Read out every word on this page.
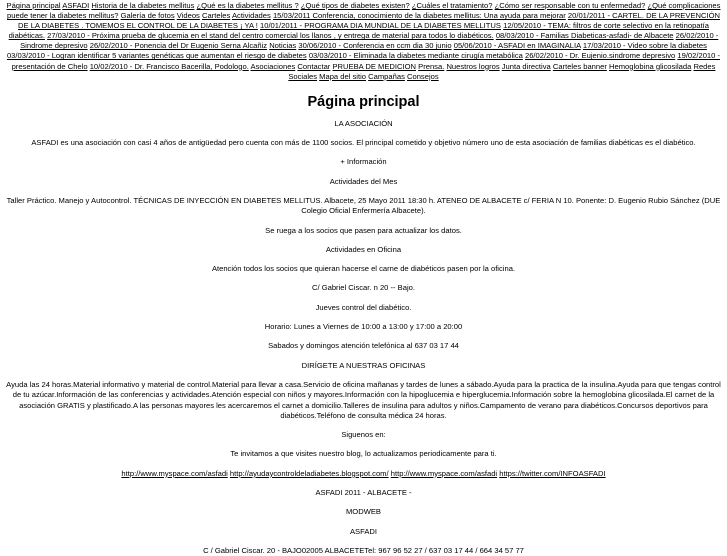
Página principal ASFADI Historia de la diabetes mellitus ¿Qué es la diabetes mellitus ? ¿Qué tipos de diabetes existen? ¿Cuáles el tratamiento? ¿Cómo ser responsable con tu enfermedad? ¿Qué complicaciones puede tener la diabetes mellitus? Galería de fotos Videos Carteles Actividades 15/03/2011 Conferencia, conocimiento de la diabetes mellitus: Una ayuda para mejorar 20/01/2011 - CARTEL. DE LA PREVENCIÓN DE LA DIABETES . TOMEMOS EL CONTROL DE LA DIABETES ¡ YA ! 10/01/2011 - PROGRAMA DIA MUNDIAL DE LA DIABETES MELLITUS 12/05/2010 - TEMA: filtros de corte selectivo en la retinopatía diabéticas. 27/03/2010 - Próxima prueba de glucemia en el stand del centro comercial los llanos , y entrega de material para todos lo diabéticos. 08/03/2010 - Familias Diabeticas-asfadi- de Albacete 26/02/2010 - Sindrome depresivo 26/02/2010 - Ponencia del Dr Eugenio Serna Alcañiz Noticias 30/06/2010 - Conferencia en ccm dia 30 junio 05/06/2010 - ASFADI en IMAGINALIA 17/03/2010 - Video sobre la diabetes 03/03/2010 - Logran identificar 5 variantes genéticas que aumentan el riesgo de diabetes 03/03/2010 - Eliminada la diabetes mediante cirugía metabólica 26/02/2010 - Dr. Eujenio.sindrome depresivo 19/02/2010 - presentación de Chelo 10/02/2010 - Dr. Francisco Bacerilla, Podologo. Asociaciones Contactar PRUEBA DE MEDICION Prensa. Nuestros logros Junta directiva Carteles banner Hemoglobina glicosilada Redes Sociales Mapa del sitio Campañas Consejos
Página principal

LA ASOCIACIÓN

ASFADI es una asociación con casi 4 años de antigüedad pero cuenta con más de 1100 socios. El principal cometido y objetivo número uno de esta asociación de familias diabéticas es el diabético.

+ Información

Actividades del Mes

Taller Práctico. Manejo y Autocontrol. TÉCNICAS DE INYECCIÓN EN DIABETES MELLITUS. Albacete, 25 Mayo 2011 18:30 h. ATENEO DE ALBACETE c/ FERIA N 10. Ponente: D. Eugenio Rubio Sánchez (DUE Colegio Oficial Enfermería Albacete).

Se ruega a los socios que pasen para actualizar los datos.

Actividades en Oficina

Atención todos los socios que quieran hacerse el carne de diabéticos pasen por la oficina.

C/ Gabriel Ciscar. n 20 -- Bajo.

Jueves control del diabético.

Horario: Lunes a Viernes de 10:00 a 13:00 y 17:00 a 20:00

Sabados y domingos atención telefónica al 637 03 17 44

DIRÍGETE A NUESTRAS OFICINAS

Ayuda las 24 horas.Material informativo y material de control.Material para llevar a casa.Servicio de oficina mañanas y tardes de lunes a sábado.Ayuda para la practica de la insulina.Ayuda para que tengas control de tu azúcar.Información de las conferencias y actividades.Atención especial con niños y mayores.Información con la hipoglucemia e hiperglucemia.Información sobre la hemoglobina glicosilada.El carnet de la asociación GRATIS y plastificado.A las personas mayores les acercaremos el carnet a domicilio.Talleres de insulina para adultos y niños.Campamento de verano para diabéticos.Concursos deportivos para diabéticos.Teléfono de consulta médica 24 horas.

Siguenos en:

Te invitamos a que visites nuestro blog, lo actualizamos periodicamente para ti.

http://www.myspace.com/asfadi http://ayudaycontroldeladiabetes.blogspot.com/ http://www.myspace.com/asfadi https://twitter.com/INFOASFADI

ASFADI 2011 - ALBACETE -

MODWEB

ASFADI

C / Gabriel Ciscar. 20 - BAJO02005 ALBACETETel: 967 96 52 27 / 637 03 17 44 / 664 34 57 77
